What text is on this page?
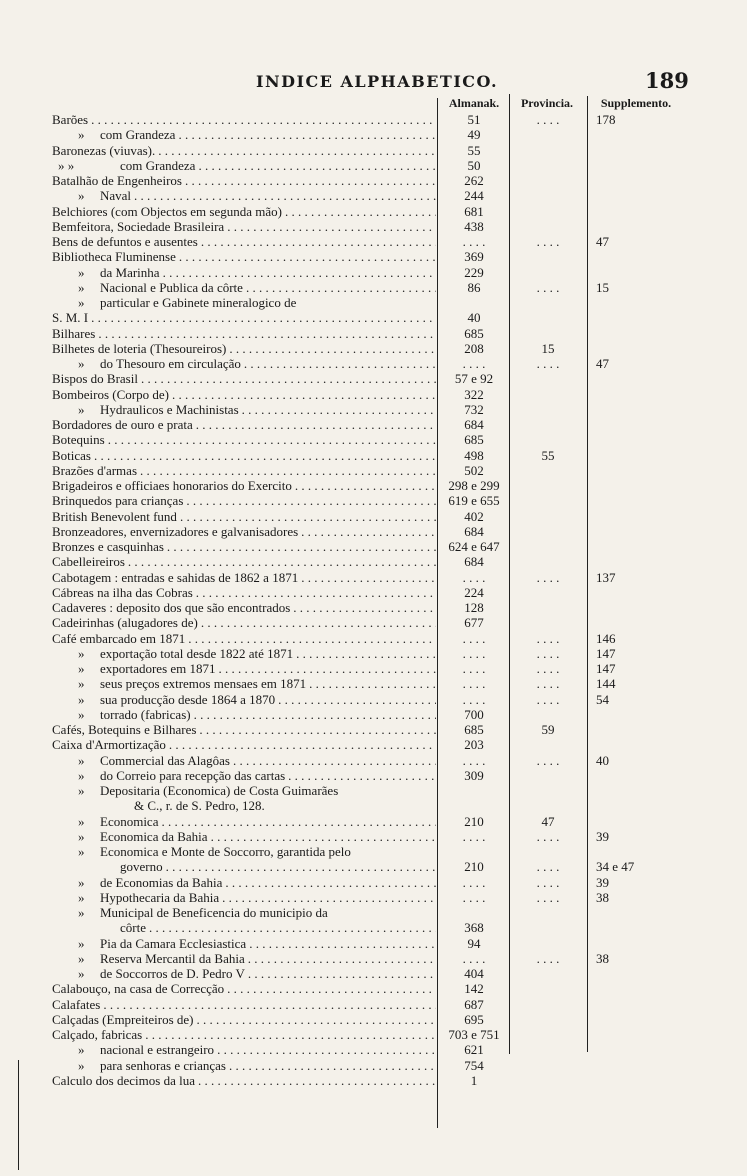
INDICE ALPHABETICO.	189
Almanak.	Provincia.	Supplemento.
Barões . . .	51	. . . .	178
»	com Grandeza . . .	49
Baronezas (viuvas). . . .	55
» »	com Grandeza . . .	50
Batalhão de Engenheiros . . .	262
»	Naval . . .	244
Belchiores (com Objectos em segunda mão) . . .	681
Bemfeitora, Sociedade Brasileira . . .	438
Bens de defuntos e ausentes . . .	. . . .	. . . .	47
Bibliotheca Fluminense . . .	369
»	da Marinha . . .	229
»	Nacional e Publica da côrte . . .	86	. . . .	15
»	particular e Gabinete mineralogico de
S. M. I . . .	40
Bilhares . . .	685
Bilhetes de loteria (Thesoureiros) . . .	208	15
»	do Thesouro em circulação . . .	. . . .	. . . .	47
Bispos do Brasil . . .	57 e 92
Bombeiros (Corpo de) . . .	322
»	Hydraulicos e Machinistas . . .	732
Bordadores de ouro e prata . . .	684
Botequins . . .	685
Boticas . . .	498	55
Brazões d'armas . . .	502
Brigadeiros e officiaes honorarios do Exercito . . .	298 e 299
Brinquedos para crianças . . .	619 e 655
British Benevolent fund . . .	402
Bronzeadores, envernizadores e galvanisadores . . .	684
Bronzes e casquinhas . . .	624 e 647
Cabelleireiros . . .	684
Cabotagem : entradas e sahidas de 1862 a 1871 . . .	. . . .	. . . .	137
Cábreas na ilha das Cobras . . .	224
Cadaveres : deposito dos que são encontrados . . .	128
Cadeirinhas (alugadores de) . . .	677
Café embarcado em 1871 . . .	. . . .	. . . .	146
»	exportação total desde 1822 até 1871 . . .	. . . .	. . . .	147
»	exportadores em 1871 . . .	. . . .	. . . .	147
»	seus preços extremos mensaes em 1871 . . .	. . . .	. . . .	144
»	sua producção desde 1864 a 1870 . . .	. . . .	. . . .	54
»	torrado (fabricas) . . .	700
Cafés, Botequins e Bilhares . . .	685	59
Caixa d'Armortização . . .	203
»	Commercial das Alagôas . . .	. . . .	. . . .	40
»	do Correio para recepção das cartas . . .	309
»	Depositaria (Economica) de Costa Guimarães
& C., r. de S. Pedro, 128.
»	Economica . . .	210	47
»	Economica da Bahia . . .	. . . .	. . . .	39
»	Economica e Monte de Soccorro, garantida pelo
governo . . .	210	. . . .	34 e 47
»	de Economias da Bahia . . .	. . . .	. . . .	39
»	Hypothecaria da Bahia . . .	. . . .	. . . .	38
»	Municipal de Beneficencia do municipio da
côrte . . .	368
»	Pia da Camara Ecclesiastica . . .	94
»	Reserva Mercantil da Bahia . . .	. . . .	. . . .	38
»	de Soccorros de D. Pedro V . . .	404
Calabouço, na casa de Correcção . . .	142
Calafates . . .	687
Calçadas (Empreiteiros de) . . .	695
Calçado, fabricas . . .	703 e 751
»	nacional e estrangeiro . . .	621
»	para senhoras e crianças . . .	754
Calculo dos decimos da lua . . .	1
